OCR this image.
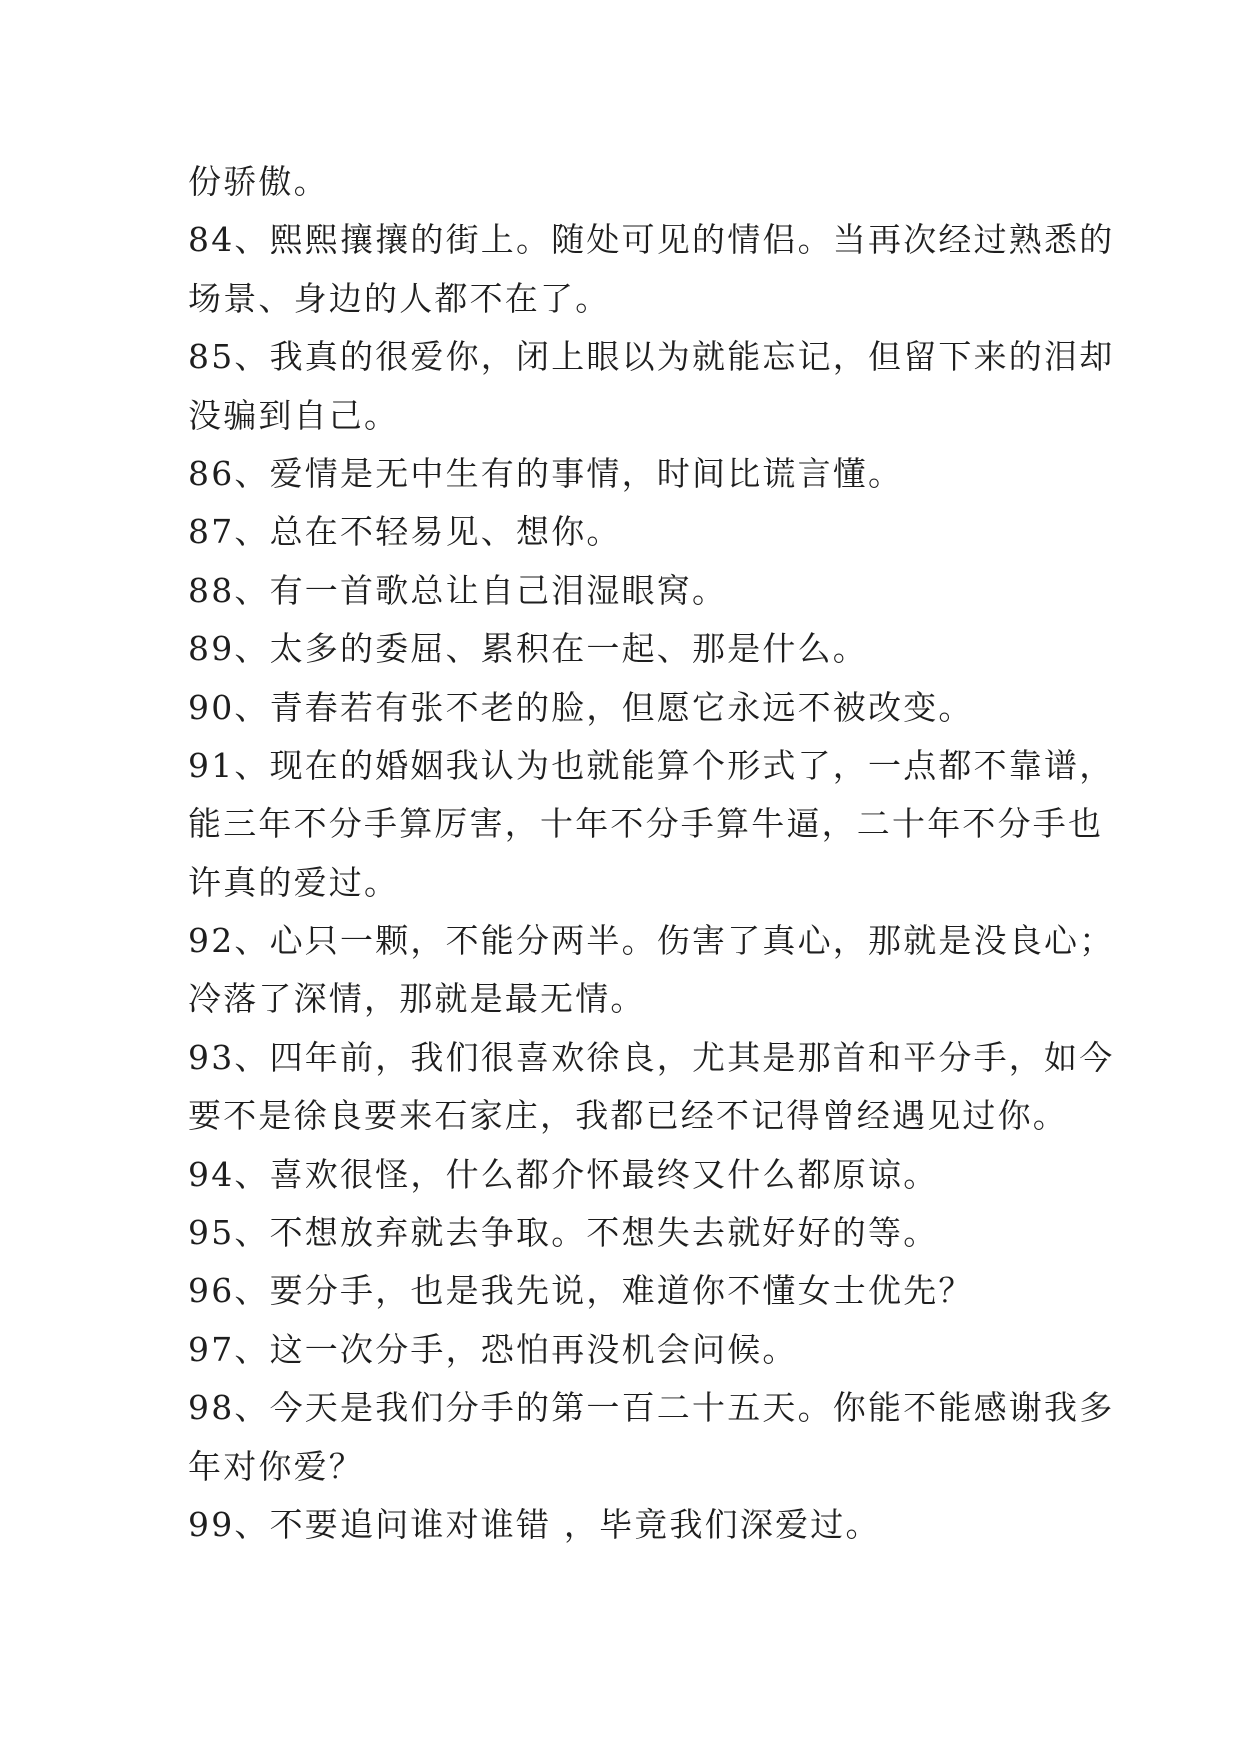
份骄傲。
84、熙熙攘攘的街上。随处可见的情侣。当再次经过熟悉的
场景、身边的人都不在了。
85、我真的很爱你，闭上眼以为就能忘记，但留下来的泪却
没骗到自己。
86、爱情是无中生有的事情，时间比谎言懂。
87、总在不轻易见、想你。
88、有一首歌总让自己泪湿眼窝。
89、太多的委屈、累积在一起、那是什么。
90、青春若有张不老的脸，但愿它永远不被改变。
91、现在的婚姻我认为也就能算个形式了，一点都不靠谱，
能三年不分手算厉害，十年不分手算牛逼，二十年不分手也
许真的爱过。
92、心只一颗，不能分两半。伤害了真心，那就是没良心；
冷落了深情，那就是最无情。
93、四年前，我们很喜欢徐良，尤其是那首和平分手，如今
要不是徐良要来石家庄，我都已经不记得曾经遇见过你。
94、喜欢很怪，什么都介怀最终又什么都原谅。
95、不想放弃就去争取。不想失去就好好的等。
96、要分手，也是我先说，难道你不懂女士优先？
97、这一次分手，恐怕再没机会问候。
98、今天是我们分手的第一百二十五天。你能不能感谢我多
年对你爱？
99、不要追问谁对谁错 ，毕竟我们深爱过。
